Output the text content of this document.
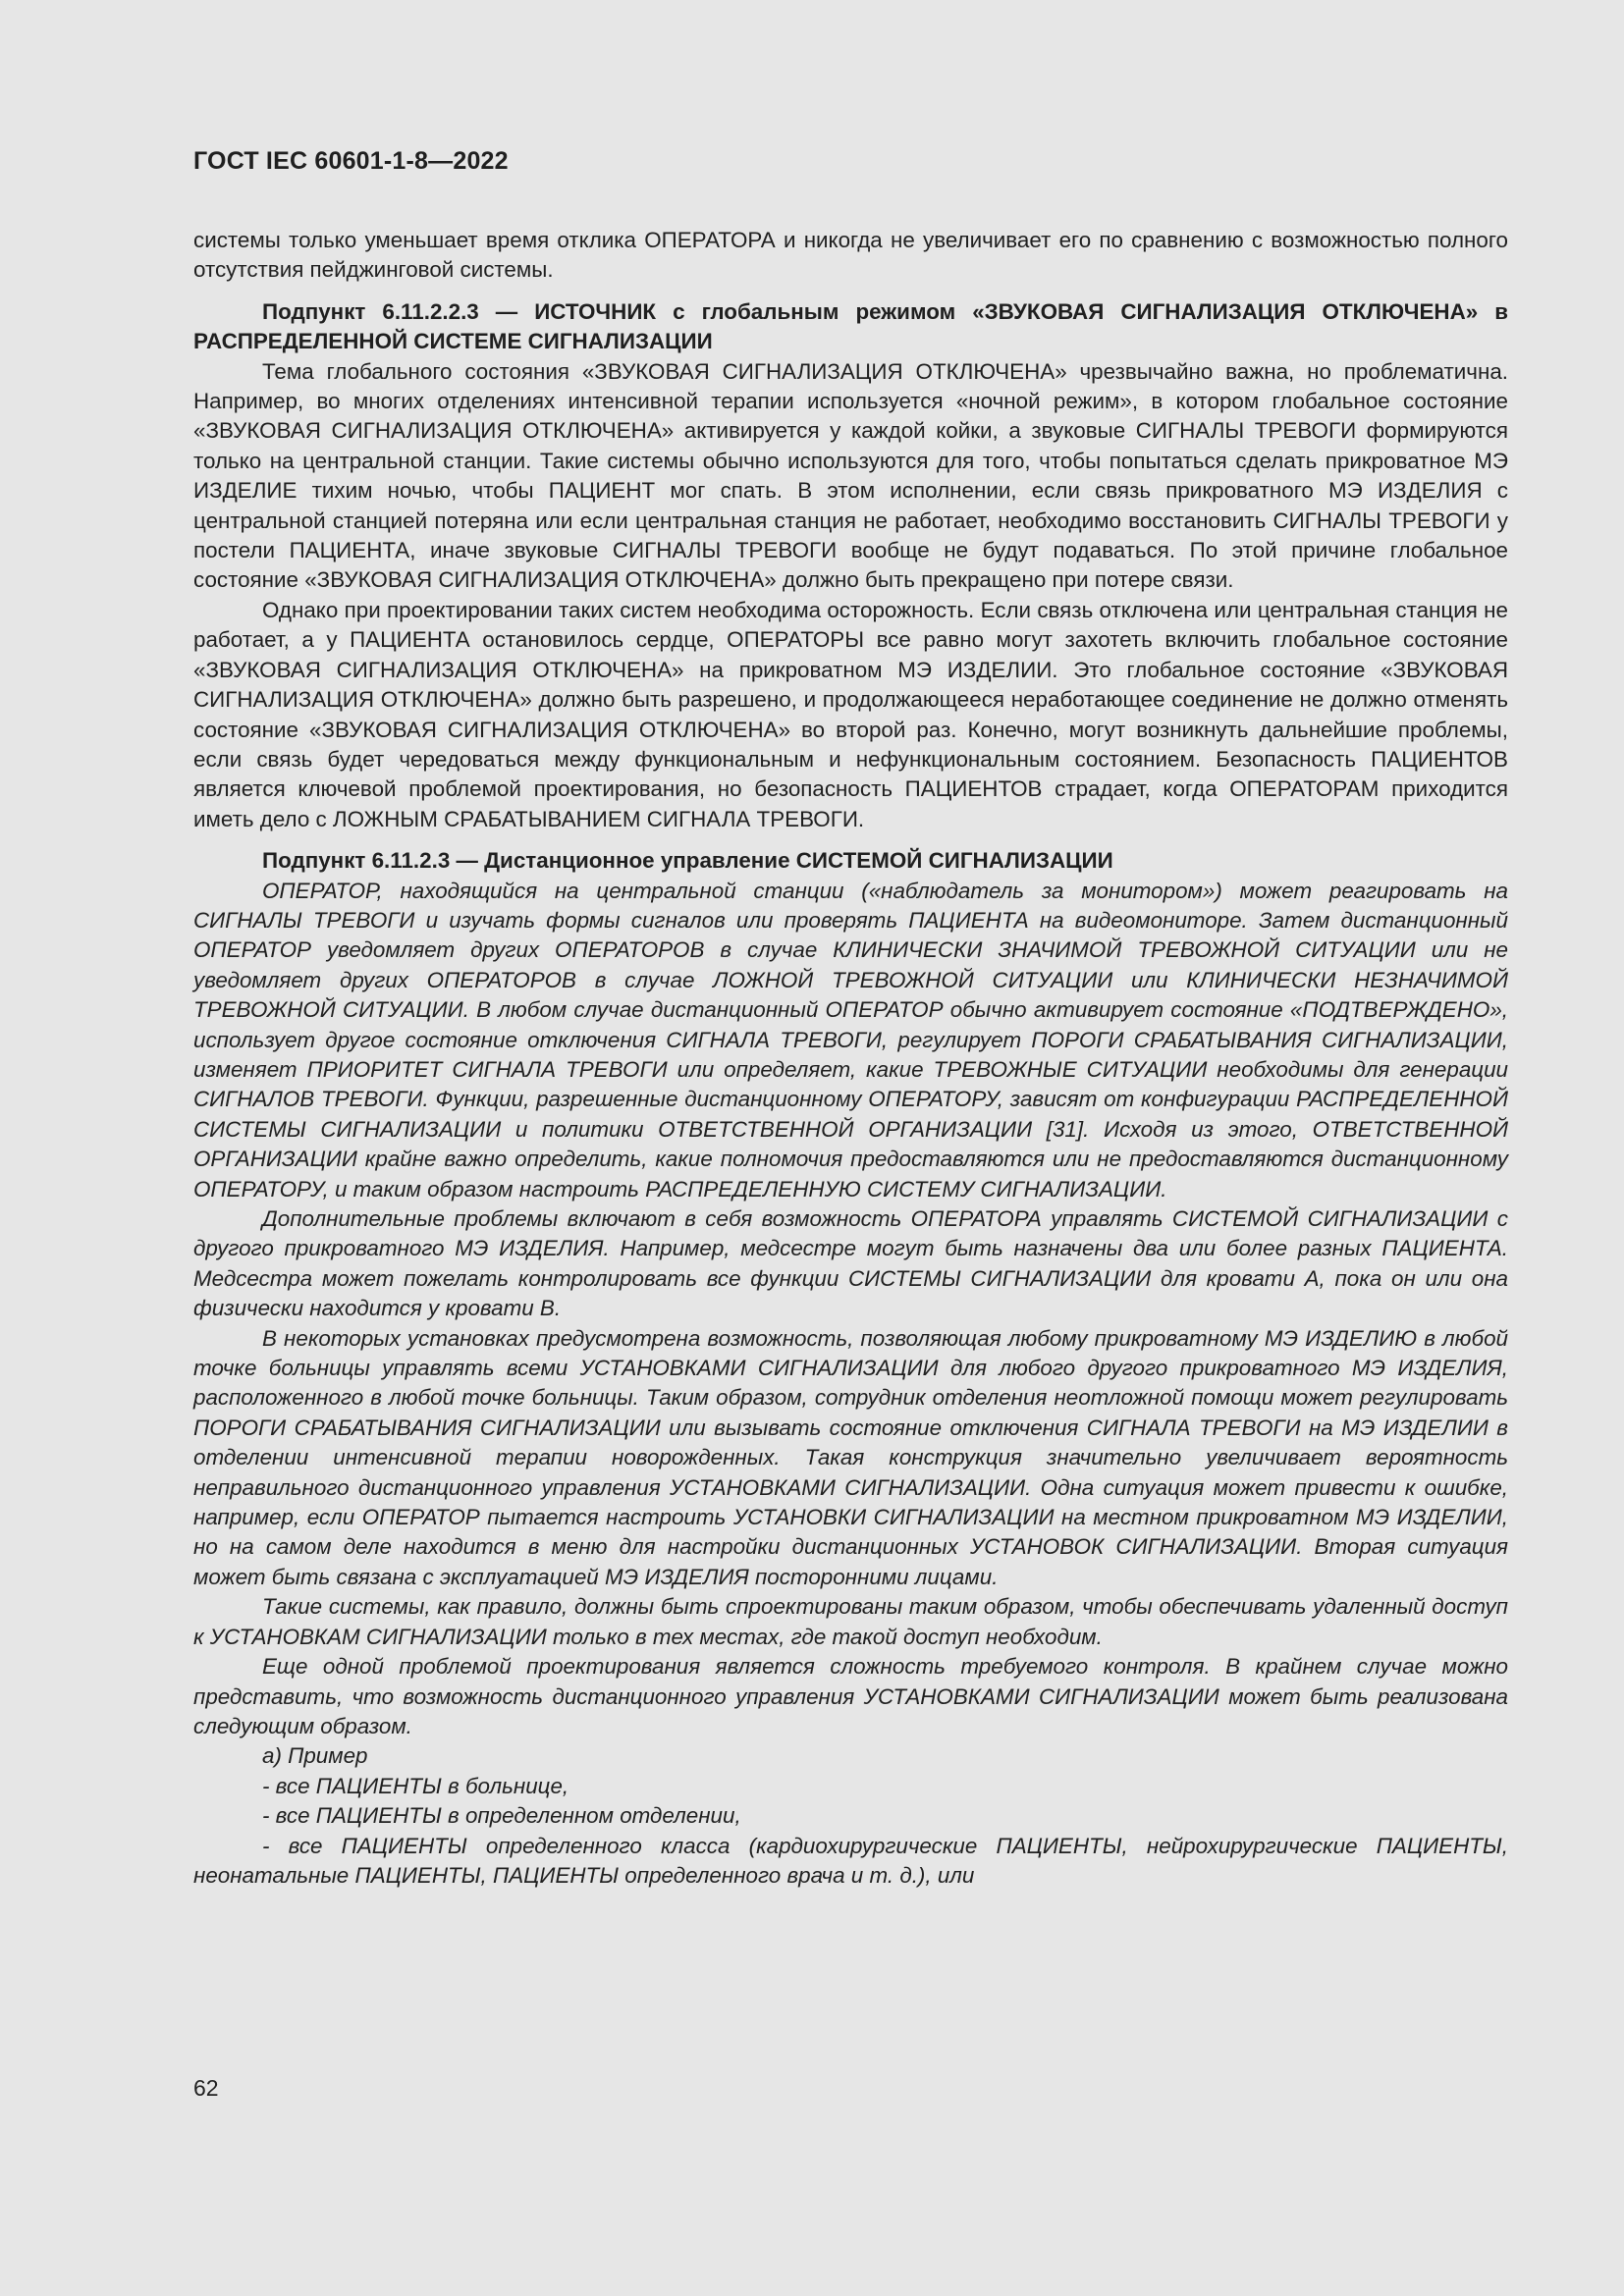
ГОСТ IEC 60601-1-8—2022

системы только уменьшает время отклика ОПЕРАТОРА и никогда не увеличивает его по сравнению с возможностью полного отсутствия пейджинговой системы.

Подпункт 6.11.2.2.3 — ИСТОЧНИК с глобальным режимом «ЗВУКОВАЯ СИГНАЛИЗАЦИЯ ОТКЛЮЧЕНА» в РАСПРЕДЕЛЕННОЙ СИСТЕМЕ СИГНАЛИЗАЦИИ

Тема глобального состояния «ЗВУКОВАЯ СИГНАЛИЗАЦИЯ ОТКЛЮЧЕНА» чрезвычайно важна, но проблематична. Например, во многих отделениях интенсивной терапии используется «ночной режим», в котором глобальное состояние «ЗВУКОВАЯ СИГНАЛИЗАЦИЯ ОТКЛЮЧЕНА» активируется у каждой койки, а звуковые СИГНАЛЫ ТРЕВОГИ формируются только на центральной станции. Такие системы обычно используются для того, чтобы попытаться сделать прикроватное МЭ ИЗДЕЛИЕ тихим ночью, чтобы ПАЦИЕНТ мог спать. В этом исполнении, если связь прикроватного МЭ ИЗДЕЛИЯ с центральной станцией потеряна или если центральная станция не работает, необходимо восстановить СИГНАЛЫ ТРЕВОГИ у постели ПАЦИЕНТА, иначе звуковые СИГНАЛЫ ТРЕВОГИ вообще не будут подаваться. По этой причине глобальное состояние «ЗВУКОВАЯ СИГНАЛИЗАЦИЯ ОТКЛЮЧЕНА» должно быть прекращено при потере связи.

Однако при проектировании таких систем необходима осторожность. Если связь отключена или центральная станция не работает, а у ПАЦИЕНТА остановилось сердце, ОПЕРАТОРЫ все равно могут захотеть включить глобальное состояние «ЗВУКОВАЯ СИГНАЛИЗАЦИЯ ОТКЛЮЧЕНА» на прикроватном МЭ ИЗДЕЛИИ. Это глобальное состояние «ЗВУКОВАЯ СИГНАЛИЗАЦИЯ ОТКЛЮЧЕНА» должно быть разрешено, и продолжающееся неработающее соединение не должно отменять состояние «ЗВУКОВАЯ СИГНАЛИЗАЦИЯ ОТКЛЮЧЕНА» во второй раз. Конечно, могут возникнуть дальнейшие проблемы, если связь будет чередоваться между функциональным и нефункциональным состоянием. Безопасность ПАЦИЕНТОВ является ключевой проблемой проектирования, но безопасность ПАЦИЕНТОВ страдает, когда ОПЕРАТОРАМ приходится иметь дело с ЛОЖНЫМ СРАБАТЫВАНИЕМ СИГНАЛА ТРЕВОГИ.

Подпункт 6.11.2.3 — Дистанционное управление СИСТЕМОЙ СИГНАЛИЗАЦИИ

ОПЕРАТОР, находящийся на центральной станции («наблюдатель за монитором») может реагировать на СИГНАЛЫ ТРЕВОГИ и изучать формы сигналов или проверять ПАЦИЕНТА на видеомониторе. Затем дистанционный ОПЕРАТОР уведомляет других ОПЕРАТОРОВ в случае КЛИНИЧЕСКИ ЗНАЧИМОЙ ТРЕВОЖНОЙ СИТУАЦИИ или не уведомляет других ОПЕРАТОРОВ в случае ЛОЖНОЙ ТРЕВОЖНОЙ СИТУАЦИИ или КЛИНИЧЕСКИ НЕЗНАЧИМОЙ ТРЕВОЖНОЙ СИТУАЦИИ. В любом случае дистанционный ОПЕРАТОР обычно активирует состояние «ПОДТВЕРЖДЕНО», использует другое состояние отключения СИГНАЛА ТРЕВОГИ, регулирует ПОРОГИ СРАБАТЫВАНИЯ СИГНАЛИЗАЦИИ, изменяет ПРИОРИТЕТ СИГНАЛА ТРЕВОГИ или определяет, какие ТРЕВОЖНЫЕ СИТУАЦИИ необходимы для генерации СИГНАЛОВ ТРЕВОГИ. Функции, разрешенные дистанционному ОПЕРАТОРУ, зависят от конфигурации РАСПРЕДЕЛЕННОЙ СИСТЕМЫ СИГНАЛИЗАЦИИ и политики ОТВЕТСТВЕННОЙ ОРГАНИЗАЦИИ [31]. Исходя из этого, ОТВЕТСТВЕННОЙ ОРГАНИЗАЦИИ крайне важно определить, какие полномочия предоставляются или не предоставляются дистанционному ОПЕРАТОРУ, и таким образом настроить РАСПРЕДЕЛЕННУЮ СИСТЕМУ СИГНАЛИЗАЦИИ.

Дополнительные проблемы включают в себя возможность ОПЕРАТОРА управлять СИСТЕМОЙ СИГНАЛИЗАЦИИ с другого прикроватного МЭ ИЗДЕЛИЯ. Например, медсестре могут быть назначены два или более разных ПАЦИЕНТА. Медсестра может пожелать контролировать все функции СИСТЕМЫ СИГНАЛИЗАЦИИ для кровати А, пока он или она физически находится у кровати В.

В некоторых установках предусмотрена возможность, позволяющая любому прикроватному МЭ ИЗДЕЛИЮ в любой точке больницы управлять всеми УСТАНОВКАМИ СИГНАЛИЗАЦИИ для любого другого прикроватного МЭ ИЗДЕЛИЯ, расположенного в любой точке больницы. Таким образом, сотрудник отделения неотложной помощи может регулировать ПОРОГИ СРАБАТЫВАНИЯ СИГНАЛИЗАЦИИ или вызывать состояние отключения СИГНАЛА ТРЕВОГИ на МЭ ИЗДЕЛИИ в отделении интенсивной терапии новорожденных. Такая конструкция значительно увеличивает вероятность неправильного дистанционного управления УСТАНОВКАМИ СИГНАЛИЗАЦИИ. Одна ситуация может привести к ошибке, например, если ОПЕРАТОР пытается настроить УСТАНОВКИ СИГНАЛИЗАЦИИ на местном прикроватном МЭ ИЗДЕЛИИ, но на самом деле находится в меню для настройки дистанционных УСТАНОВОК СИГНАЛИЗАЦИИ. Вторая ситуация может быть связана с эксплуатацией МЭ ИЗДЕЛИЯ посторонними лицами.

Такие системы, как правило, должны быть спроектированы таким образом, чтобы обеспечивать удаленный доступ к УСТАНОВКАМ СИГНАЛИЗАЦИИ только в тех местах, где такой доступ необходим.

Еще одной проблемой проектирования является сложность требуемого контроля. В крайнем случае можно представить, что возможность дистанционного управления УСТАНОВКАМИ СИГНАЛИЗАЦИИ может быть реализована следующим образом.

а) Пример

- все ПАЦИЕНТЫ в больнице,

- все ПАЦИЕНТЫ в определенном отделении,

- все ПАЦИЕНТЫ определенного класса (кардиохирургические ПАЦИЕНТЫ, нейрохирургические ПАЦИЕНТЫ, неонатальные ПАЦИЕНТЫ, ПАЦИЕНТЫ определенного врача и т. д.), или

62
